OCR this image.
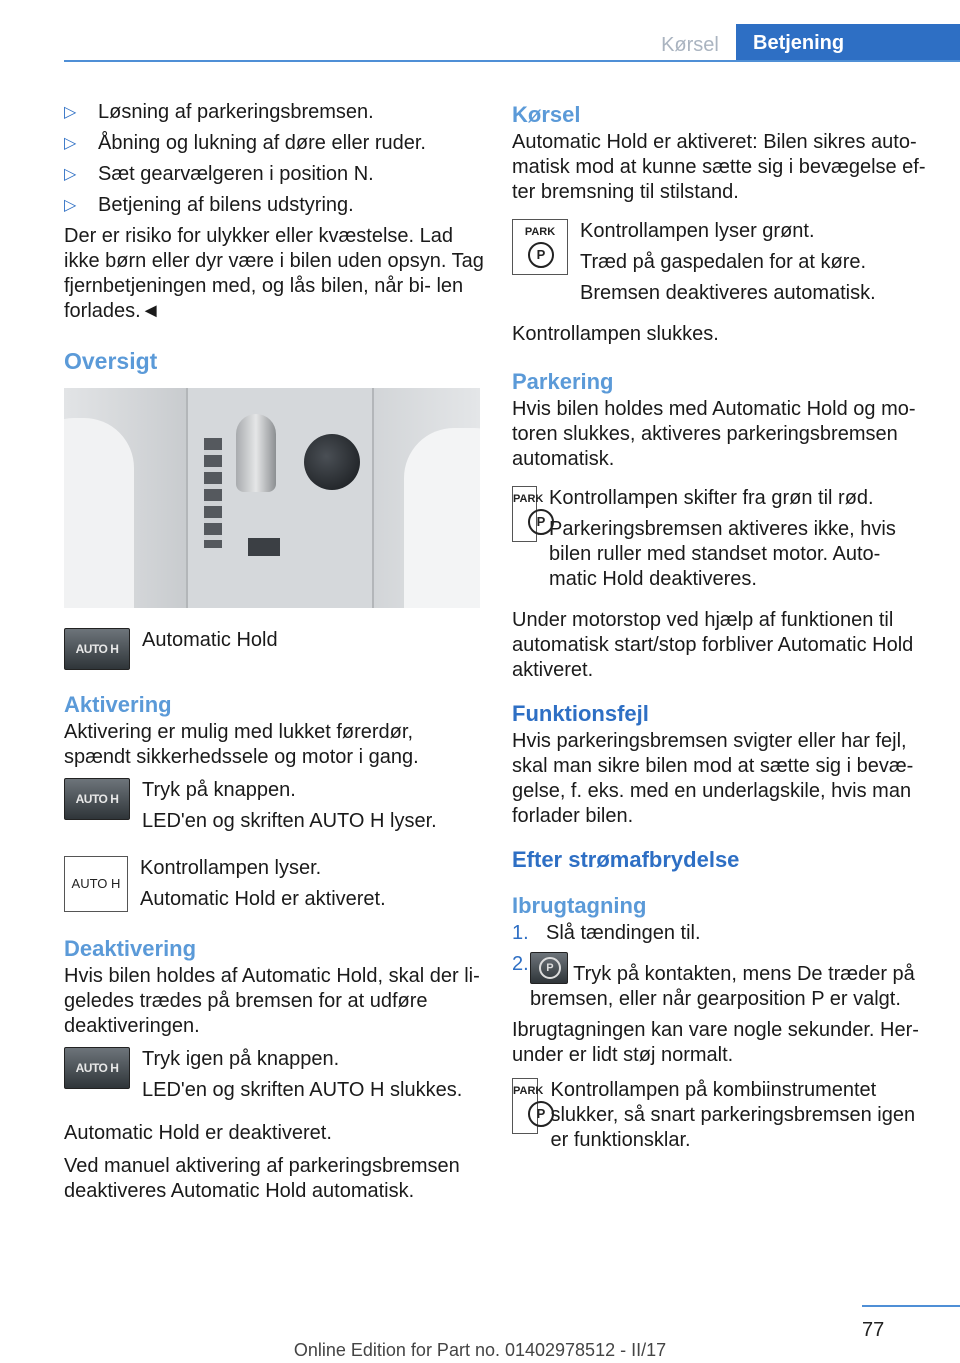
Kørsel	Betjening
▷	Løsning af parkeringsbremsen.
▷	Åbning og lukning af døre eller ruder.
▷	Sæt gearvælgeren i position N.
▷	Betjening af bilens udstyring.

Der er risiko for ulykker eller kvæstelse. Lad ikke børn eller dyr være i bilen uden opsyn. Tag fjernbetjeningen med, og lås bilen, når bi- len forlades.◄

Oversigt
AUTO H	Automatic Hold
Aktivering

Aktivering er mulig med lukket førerdør, spændt sikkerhedssele og motor i gang.

AUTO H	Tryk på knappen.
LED'en og skriften AUTO H lyser.
AUTO H
Kontrollampen lyser.
Automatic Hold er aktiveret.
Deaktivering

Hvis bilen holdes af Automatic Hold, skal der li- geledes trædes på bremsen for at udføre deaktiveringen.

AUTO H	Tryk igen på knappen.
LED'en og skriften AUTO H slukkes.

Automatic Hold er deaktiveret.

Ved manuel aktivering af parkeringsbremsen deaktiveres Automatic Hold automatisk.

Kørsel

Automatic Hold er aktiveret: Bilen sikres auto- matisk mod at kunne sætte sig i bevægelse ef- ter bremsning til stilstand.

PARK
P
Kontrollampen lyser grønt.
Træd på gaspedalen for at køre.
Bremsen deaktiveres automatisk.

Kontrollampen slukkes.

Parkering

Hvis bilen holdes med Automatic Hold og mo- toren slukkes, aktiveres parkeringsbremsen automatisk.

PARK
P
Kontrollampen skifter fra grøn til rød.
Parkeringsbremsen aktiveres ikke, hvis bilen ruller med standset motor. Auto- matic Hold deaktiveres.

Under motorstop ved hjælp af funktionen til automatisk start/stop forbliver Automatic Hold aktiveret.

Funktionsfejl

Hvis parkeringsbremsen svigter eller har fejl, skal man sikre bilen mod at sætte sig i bevæ- gelse, f. eks. med en underlagskile, hvis man forlader bilen.

Efter strømafbrydelse
Ibrugtagning
1. Slå tændingen til.
2.	P Tryk på kontakten, mens De træder på bremsen, eller når gearposition P er valgt.

Ibrugtagningen kan vare nogle sekunder. Her- under er lidt støj normalt.

PARK
P
Kontrollampen på kombiinstrumentet slukker, så snart parkeringsbremsen igen er funktionsklar.
77
Online Edition for Part no. 01402978512 - II/17
